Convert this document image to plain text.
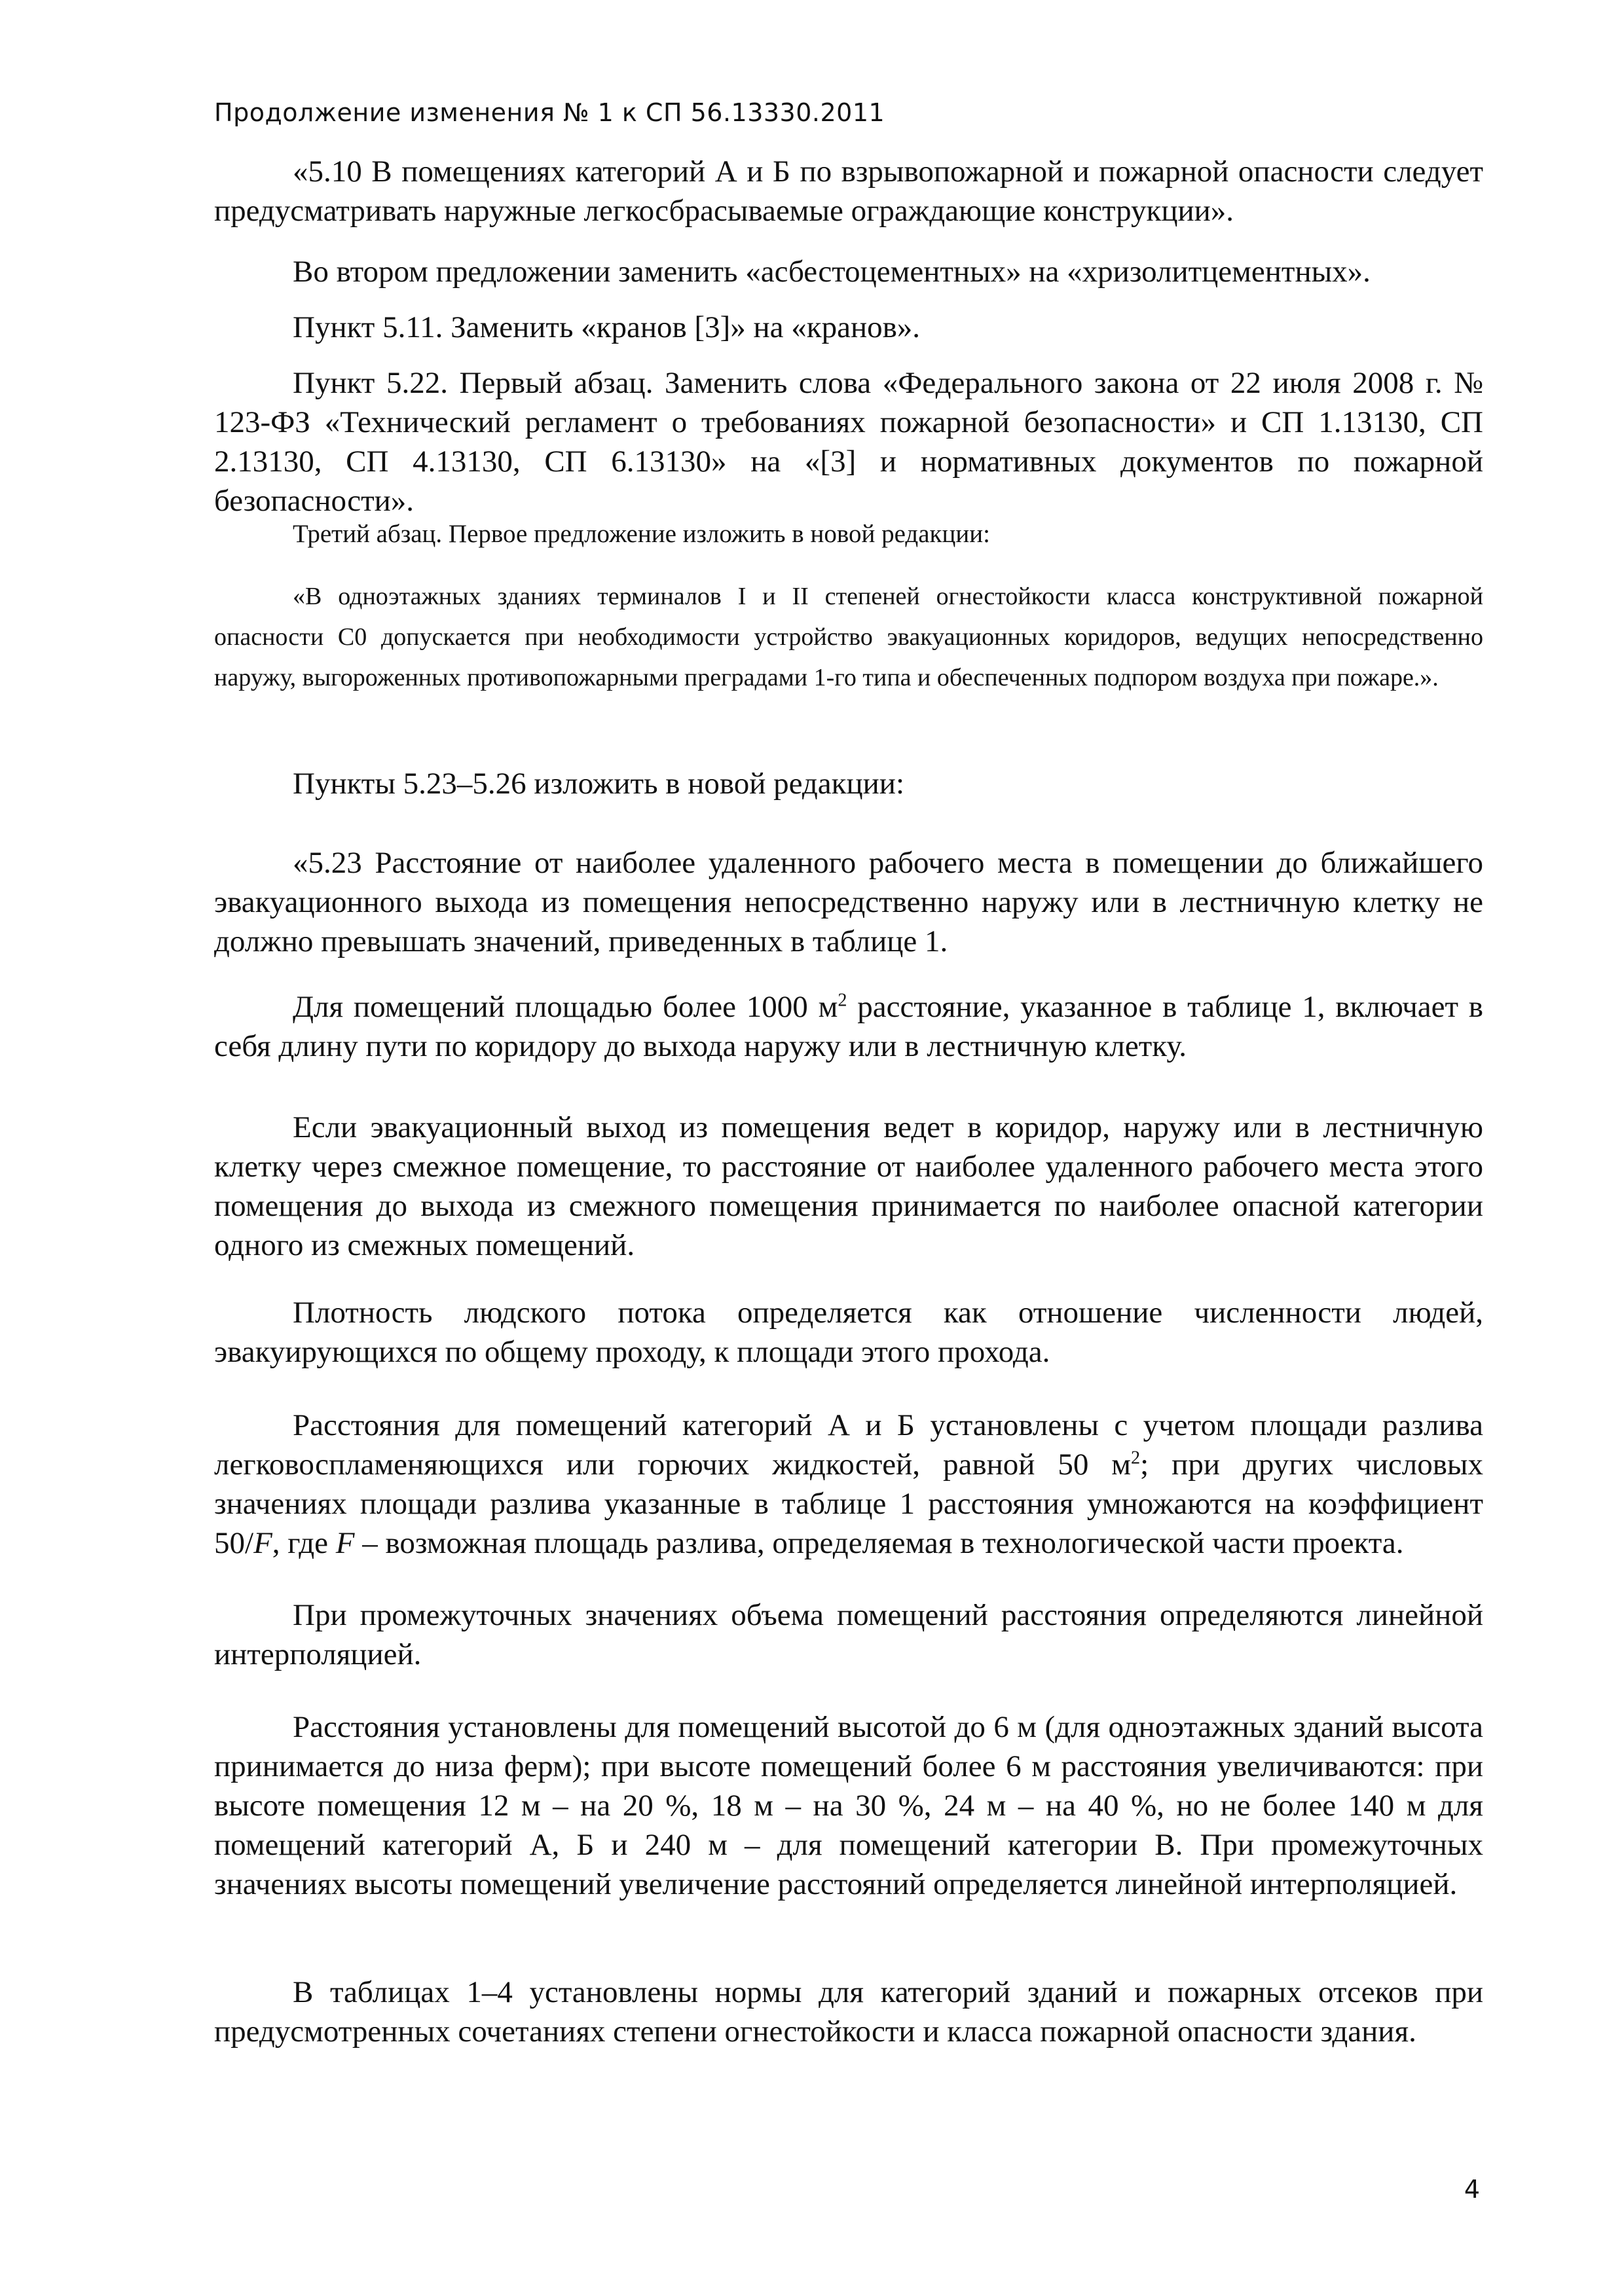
Продолжение изменения № 1 к СП 56.13330.2011

«5.10 В помещениях категорий А и Б по взрывопожарной и пожарной опасности следует предусматривать наружные легкосбрасываемые ограждающие конструкции».

Во втором предложении заменить «асбестоцементных» на «хризолитцементных».

Пункт 5.11. Заменить «кранов [3]» на «кранов».

Пункт 5.22. Первый абзац. Заменить слова «Федерального закона от 22 июля 2008 г. № 123-ФЗ «Технический регламент о требованиях пожарной безопасности» и СП 1.13130, СП 2.13130, СП 4.13130, СП 6.13130» на «[3] и нормативных документов по пожарной безопасности».

Третий абзац. Первое предложение изложить в новой редакции:

«В одноэтажных зданиях терминалов I и II степеней огнестойкости класса конструктивной пожарной опасности С0 допускается при необходимости устройство эвакуационных коридоров, ведущих непосредственно наружу, выгороженных противопожарными преградами 1-го типа и обеспеченных подпором воздуха при пожаре.».

Пункты 5.23–5.26 изложить в новой редакции:

«5.23 Расстояние от наиболее удаленного рабочего места в помещении до ближайшего эвакуационного выхода из помещения непосредственно наружу или в лестничную клетку не должно превышать значений, приведенных в таблице 1.

Для помещений площадью более 1000 $м^2$ расстояние, указанное в таблице 1, включает в себя длину пути по коридору до выхода наружу или в лестничную клетку.

Если эвакуационный выход из помещения ведет в коридор, наружу или в лестничную клетку через смежное помещение, то расстояние от наиболее удаленного рабочего места этого помещения до выхода из смежного помещения принимается по наиболее опасной категории одного из смежных помещений.

Плотность людского потока определяется как отношение численности людей, эвакуирующихся по общему проходу, к площади этого прохода.

Расстояния для помещений категорий А и Б установлены с учетом площади разлива легковоспламеняющихся или горючих жидкостей, равной 50 $м^2$; при других числовых значениях площади разлива указанные в таблице 1 расстояния умножаются на коэффициент 50/F, где F – возможная площадь разлива, определяемая в технологической части проекта.

При промежуточных значениях объема помещений расстояния определяются линейной интерполяцией.

Расстояния установлены для помещений высотой до 6 м (для одноэтажных зданий высота принимается до низа ферм); при высоте помещений более 6 м расстояния увеличиваются: при высоте помещения 12 м – на 20 %, 18 м – на 30 %, 24 м – на 40 %, но не более 140 м для помещений категорий А, Б и 240 м – для помещений категории В. При промежуточных значениях высоты помещений увеличение расстояний определяется линейной интерполяцией.

В таблицах 1–4 установлены нормы для категорий зданий и пожарных отсеков при предусмотренных сочетаниях степени огнестойкости и класса пожарной опасности здания.

4
